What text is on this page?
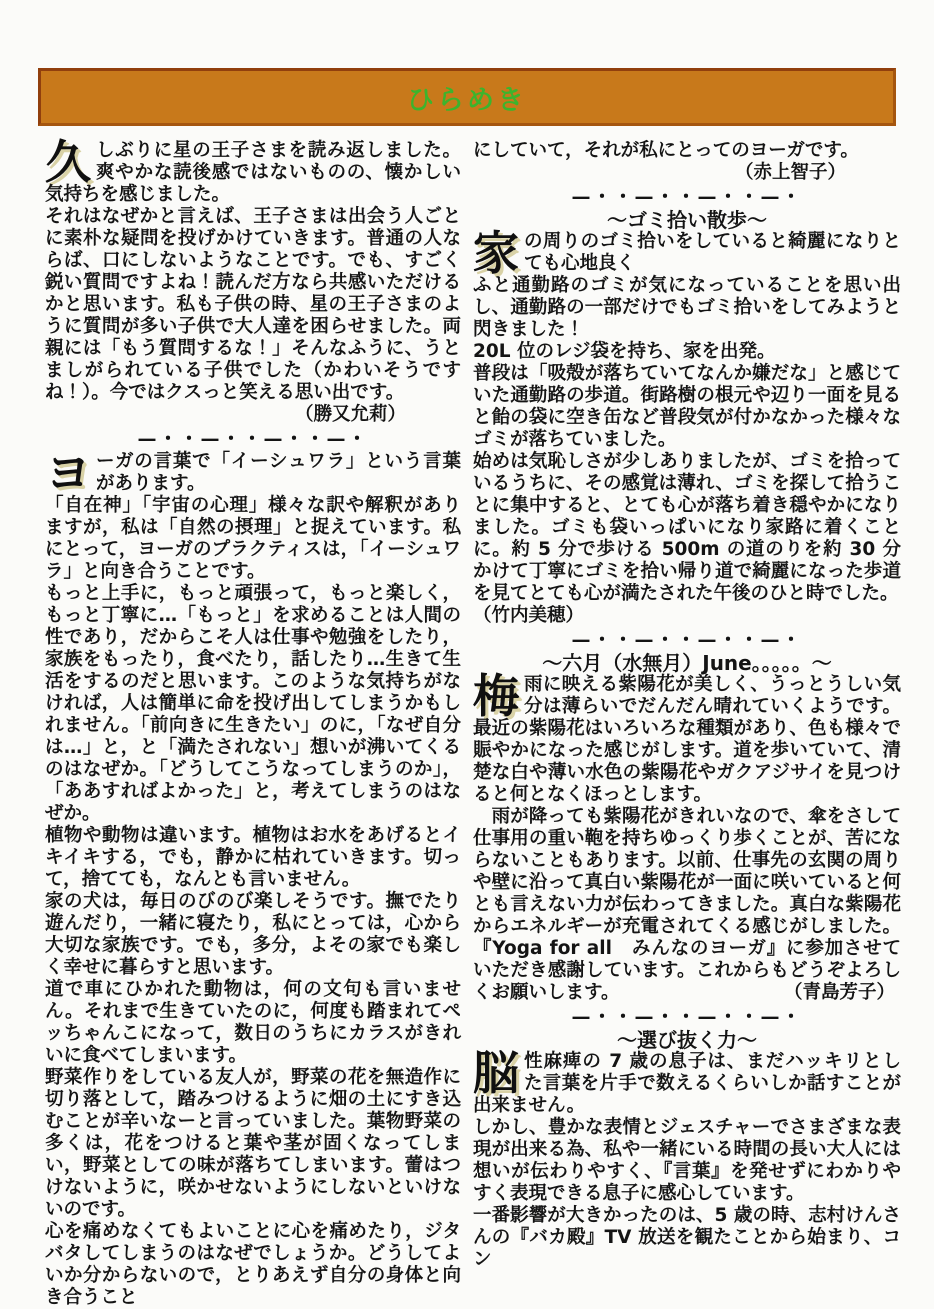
ひらめき
久 しぶりに星の王子さまを読み返しました。爽やかな読後感ではないものの、懐かしい気持ちを感じました。

それはなぜかと言えば、王子さまは出会う人ごとに素朴な疑問を投げかけていきます。普通の人ならば、口にしないようなことです。でも、すごく鋭い質問ですよね！読んだ方なら共感いただけるかと思います。私も子供の時、星の王子さまのように質問が多い子供で大人達を困らせました。両親には「もう質問するな！」そんなふうに、うとましがられている子供でした（かわいそうですね！）。今ではクスっと笑える思い出です。

（勝又允莉）

—・・—・・—・・—・

ヨ ーガの言葉で「イーシュワラ」という言葉があります。

「自在神」「宇宙の心理」様々な訳や解釈がありますが，私は「自然の摂理」と捉えています。私にとって，ヨーガのプラクティスは，「イーシュワラ」と向き合うことです。

もっと上手に，もっと頑張って，もっと楽しく，もっと丁寧に…「もっと」を求めることは人間の性であり，だからこそ人は仕事や勉強をしたり，家族をもったり，食べたり，話したり…生きて生活をするのだと思います。このような気持ちがなければ，人は簡単に命を投げ出してしまうかもしれません。「前向きに生きたい」のに，「なぜ自分は…」と，と「満たされない」想いが沸いてくるのはなぜか。「どうしてこうなってしまうのか」，「ああすればよかった」と，考えてしまうのはなぜか。

植物や動物は違います。植物はお水をあげるとイキイキする，でも，静かに枯れていきます。切って，捨てても，なんとも言いません。

家の犬は，毎日のびのび楽しそうです。撫でたり遊んだり，一緒に寝たり，私にとっては，心から大切な家族です。でも，多分，よその家でも楽しく幸せに暮らすと思います。

道で車にひかれた動物は，何の文句も言いません。それまで生きていたのに，何度も踏まれてペッちゃんこになって，数日のうちにカラスがきれいに食べてしまいます。

野菜作りをしている友人が，野菜の花を無造作に切り落として，踏みつけるように畑の土にすき込むことが辛いなーと言っていました。葉物野菜の多くは，花をつけると葉や茎が固くなってしまい，野菜としての味が落ちてしまいます。蕾はつけないように，咲かせないようにしないといけないのです。

心を痛めなくてもよいことに心を痛めたり，ジタバタしてしまうのはなぜでしょうか。どうしてよいか分からないので，とりあえず自分の身体と向き合うこと

にしていて，それが私にとってのヨーガです。

（赤上智子）

—・・—・・—・・—・

〜ゴミ拾い散歩〜

家 の周りのゴミ拾いをしていると綺麗になりとても心地良く

ふと通勤路のゴミが気になっていることを思い出し、通勤路の一部だけでもゴミ拾いをしてみようと閃きました！

20L 位のレジ袋を持ち、家を出発。

普段は「吸殻が落ちていてなんか嫌だな」と感じていた通勤路の歩道。街路樹の根元や辺り一面を見ると飴の袋に空き缶など普段気が付かなかった様々なゴミが落ちていました。

始めは気恥しさが少しありましたが、ゴミを拾っているうちに、その感覚は薄れ、ゴミを探して拾うことに集中すると、とても心が落ち着き穏やかになりました。ゴミも袋いっぱいになり家路に着くことに。約 5 分で歩ける 500m の道のりを約 30 分かけて丁寧にゴミを拾い帰り道で綺麗になった歩道を見てとても心が満たされた午後のひと時でした。

（竹内美穂）

—・・—・・—・・—・

〜六月（水無月）June。。。。。〜

梅 雨に映える紫陽花が美しく、うっとうしい気分は薄らいでだんだん晴れていくようです。最近の紫陽花はいろいろな種類があり、色も様々で賑やかになった感じがします。道を歩いていて、清楚な白や薄い水色の紫陽花やガクアジサイを見つけると何となくほっとします。

　雨が降っても紫陽花がきれいなので、傘をさして仕事用の重い鞄を持ちゆっくり歩くことが、苦にならないこともあります。以前、仕事先の玄関の周りや壁に沿って真白い紫陽花が一面に咲いていると何とも言えない力が伝わってきました。真白な紫陽花からエネルギーが充電されてくる感じがしました。『Yoga for all　みんなのヨーガ』に参加させていただき感謝しています。これからもどうぞよろしくお願いします。	（青島芳子）

—・・—・・—・・—・

〜選び抜く力〜

脳 性麻痺の 7 歳の息子は、まだハッキリとした言葉を片手で数えるくらいしか話すことが出来ません。

しかし、豊かな表情とジェスチャーでさまざまな表現が出来る為、私や一緒にいる時間の長い大人には想いが伝わりやすく、『言葉』を発せずにわかりやすく表現できる息子に感心しています。

一番影響が大きかったのは、5 歳の時、志村けんさんの『バカ殿』TV 放送を観たことから始まり、コン
